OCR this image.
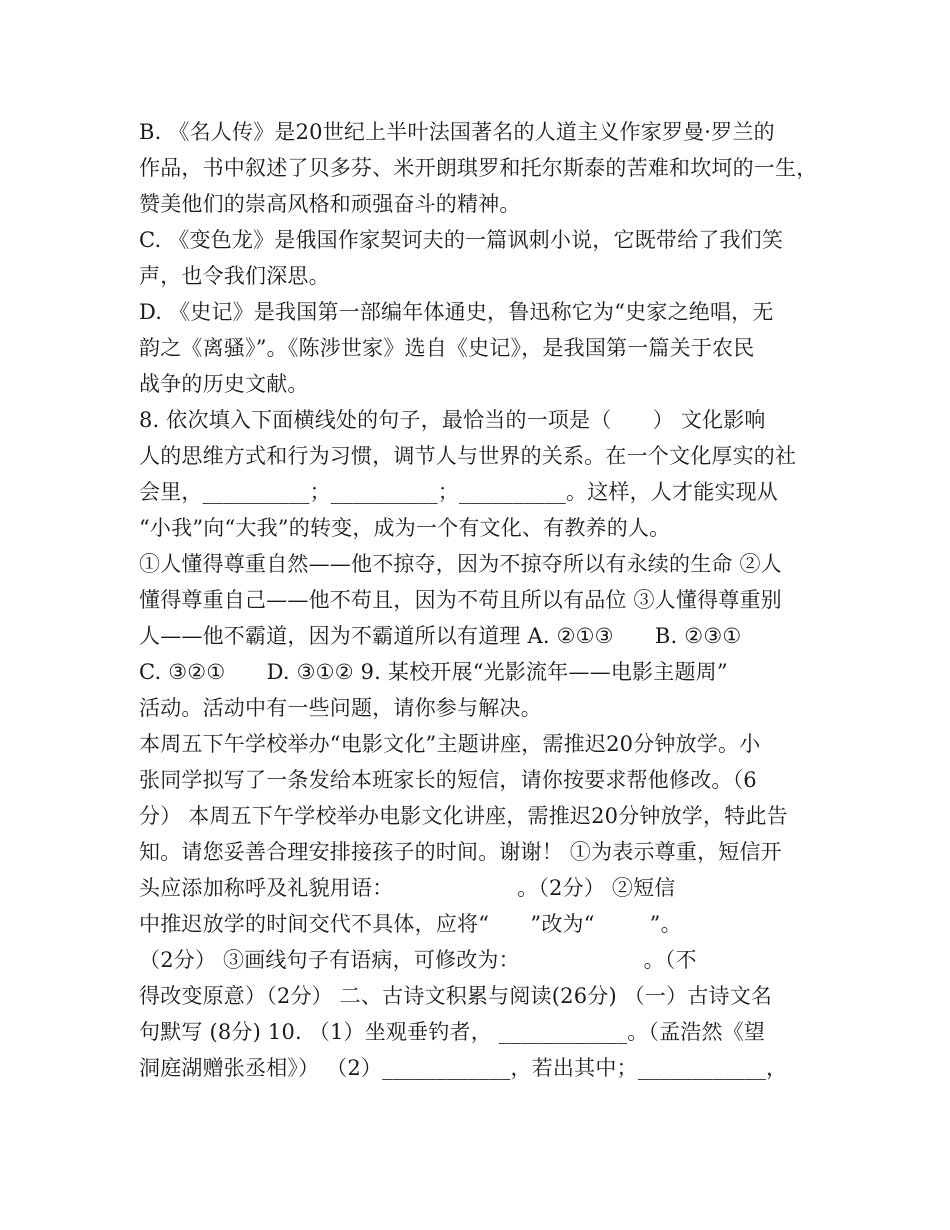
B. 《名人传》是20世纪上半叶法国著名的人道主义作家罗曼·罗兰的
作品，书中叙述了贝多芬、米开朗琪罗和托尔斯泰的苦难和坎坷的一生，
赞美他们的崇高风格和顽强奋斗的精神。
C. 《变色龙》是俄国作家契诃夫的一篇讽刺小说，它既带给了我们笑
声，也令我们深思。
D. 《史记》是我国第一部编年体通史，鲁迅称它为“史家之绝唱，无
韵之《离骚》”。《陈涉世家》选自《史记》，是我国第一篇关于农民
战争的历史文献。
8. 依次填入下面横线处的句子，最恰当的一项是（      ） 文化影响
人的思维方式和行为习惯，调节人与世界的关系。在一个文化厚实的社
会里，__________；__________；__________。这样，人才能实现从
“小我”向“大我”的转变，成为一个有文化、有教养的人。
①人懂得尊重自然——他不掠夺，因为不掠夺所以有永续的生命 ②人
懂得尊重自己——他不苟且，因为不苟且所以有品位 ③人懂得尊重别
人——他不霸道，因为不霸道所以有道理 A. ②①③      B. ②③①
C. ③②①      D. ③①② 9. 某校开展“光影流年——电影主题周”
活动。活动中有一些问题，请你参与解决。
本周五下午学校举办“电影文化”主题讲座，需推迟20分钟放学。小
张同学拟写了一条发给本班家长的短信，请你按要求帮他修改。（6
分） 本周五下午学校举办电影文化讲座，需推迟20分钟放学，特此告
知。请您妥善合理安排接孩子的时间。谢谢！ ①为表示尊重，短信开
头应添加称呼及礼貌用语：                  。（2分） ②短信
中推迟放学的时间交代不具体，应将“      ”改为“        ”。
（2分） ③画线句子有语病，可修改为：                  。（不
得改变原意）（2分） 二、古诗文积累与阅读(26分) （一）古诗文名
句默写 (8分) 10. （1）坐观垂钓者， ____________。（孟浩然《望
洞庭湖赠张丞相》） （2）____________，若出其中；____________，
